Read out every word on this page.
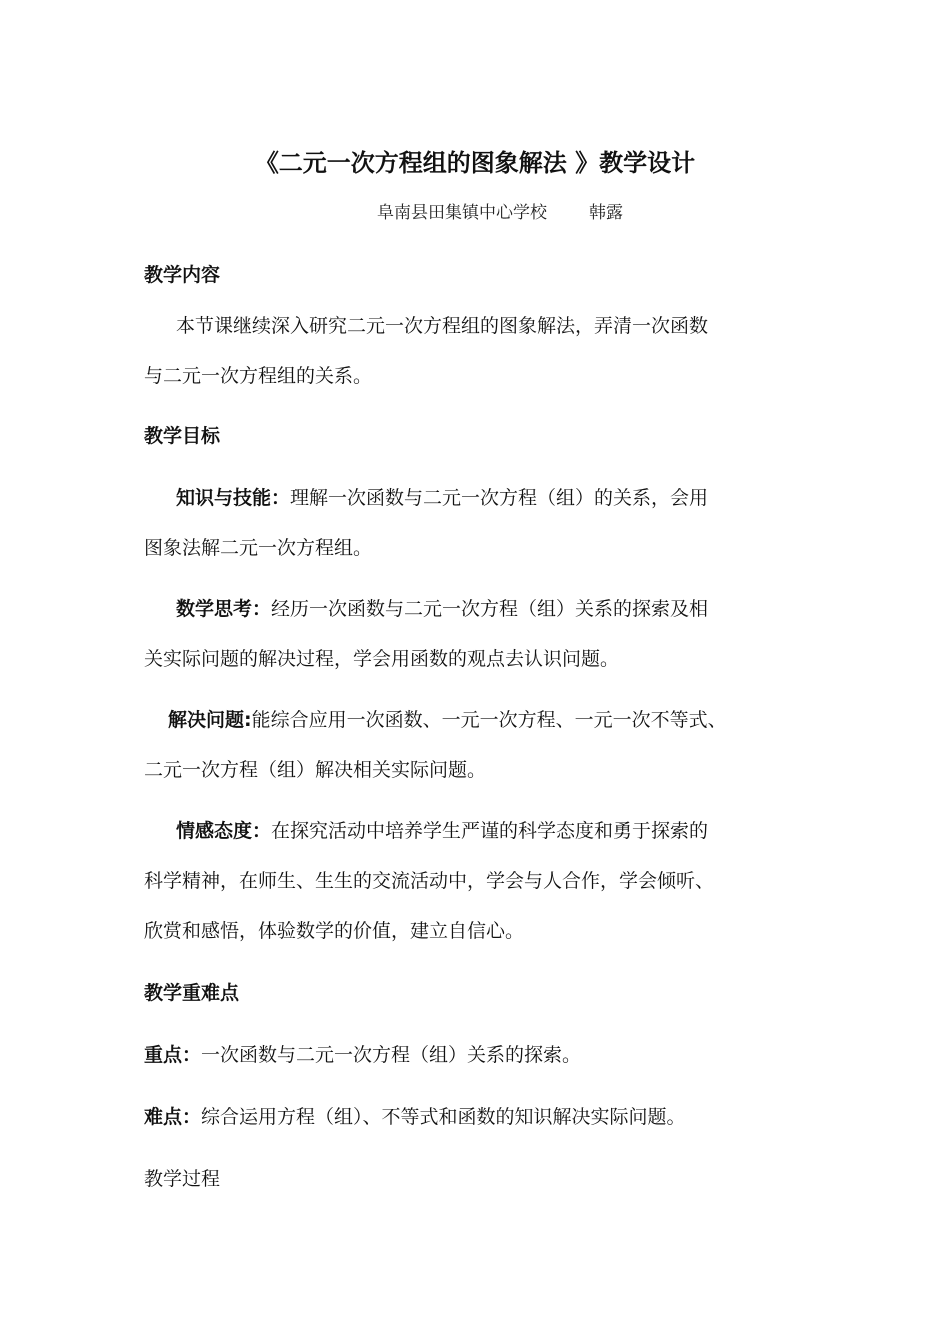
《二元一次方程组的图象解法 》教学设计
阜南县田集镇中心学校 韩露
教学内容
本节课继续深入研究二元一次方程组的图象解法，弄清一次函数
与二元一次方程组的关系。
教学目标
知识与技能：理解一次函数与二元一次方程（组）的关系，会用
图象法解二元一次方程组。
数学思考：经历一次函数与二元一次方程（组）关系的探索及相
关实际问题的解决过程，学会用函数的观点去认识问题。
解决问题:能综合应用一次函数、一元一次方程、一元一次不等式、
二元一次方程（组）解决相关实际问题。
情感态度：在探究活动中培养学生严谨的科学态度和勇于探索的
科学精神，在师生、生生的交流活动中，学会与人合作，学会倾听、
欣赏和感悟，体验数学的价值，建立自信心。
教学重难点
重点：一次函数与二元一次方程（组）关系的探索。
难点：综合运用方程（组）、不等式和函数的知识解决实际问题。
教学过程
